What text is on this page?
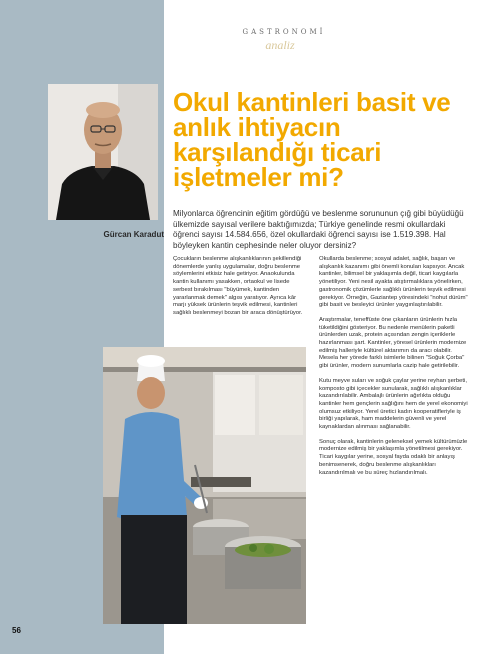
GASTRONOMİ
analiz
Gürcan Karadut
Okul kantinleri basit ve anlık ihtiyacın karşılandığı ticari işletmeler mi?

Milyonlarca öğrencinin eğitim gördüğü ve beslenme sorununun çığ gibi büyüdüğü ülkemizde sayısal verilere baktığımızda; Türkiye genelinde resmi okullardaki öğrenci sayısı 14.584.656, özel okullardaki öğrenci sayısı ise 1.519.398. Hal böyleyken kantin cephesinde neler oluyor dersiniz?

Çocukların beslenme alışkanlıklarının şekillendiği dönemlerde yanlış uygulamalar, doğru beslenme söylemlerini etkisiz hale getiriyor. Anaokulunda kantin kullanımı yasakken, ortaokul ve lisede serbest bırakılması "büyümek, kantinden yararlanmak demek" algısı yaratıyor. Ayrıca kâr marjı yüksek ürünlerin teşvik edilmesi, kantinleri sağlıklı beslenmeyi bozan bir araca dönüştürüyor.

Okullarda beslenme; sosyal adalet, sağlık, başarı ve alışkanlık kazanımı gibi önemli konuları kapsıyor. Ancak kantinler, bilimsel bir yaklaşımla değil, ticari kaygılarla yönetiliyor. Yeni nesil ayakta atıştırmalıklara yönelirken, gastronomik çözümlerle sağlıklı ürünlerin teşvik edilmesi gerekiyor. Örneğin, Gaziantep yöresindeki "nohut dürüm" gibi basit ve besleyici ürünler yaygınlaştırılabilir.

Araştırmalar, teneffüste öne çıkanların ürünlerin hızla tüketildiğini gösteriyor. Bu nedenle menülerin paketli ürünlerden uzak, protein açısından zengin içeriklerle hazırlanması şart. Kantinler, yöresel ürünlerin modernize edilmiş halleriyle kültürel aktarımın da aracı olabilir. Mesela her yörede farklı isimlerle bilinen "Soğuk Çorba" gibi ürünler, modern sunumlarla cazip hale getirilebilir.

Kutu meyve suları ve soğuk çaylar yerine reyhan şerbeti, komposto gibi içecekler sunularak, sağlıklı alışkanlıklar kazandırılabilir. Ambalajlı ürünlerin ağırlıkta olduğu kantinler hem gençlerin sağlığını hem de yerel ekonomiyi olumsuz etkiliyor. Yerel üretici kadın kooperatifleriyle iş birliği yapılarak, ham maddelerin güvenli ve yerel kaynaklardan alınması sağlanabilir.

Sonuç olarak, kantinlerin geleneksel yemek kültürümüzle modernize edilmiş bir yaklaşımla yönetilmesi gerekiyor. Ticari kaygılar yerine, sosyal fayda odaklı bir anlayış benimsenerek, doğru beslenme alışkanlıkları kazandırılmalı ve bu süreç hızlandırılmalı.

56
